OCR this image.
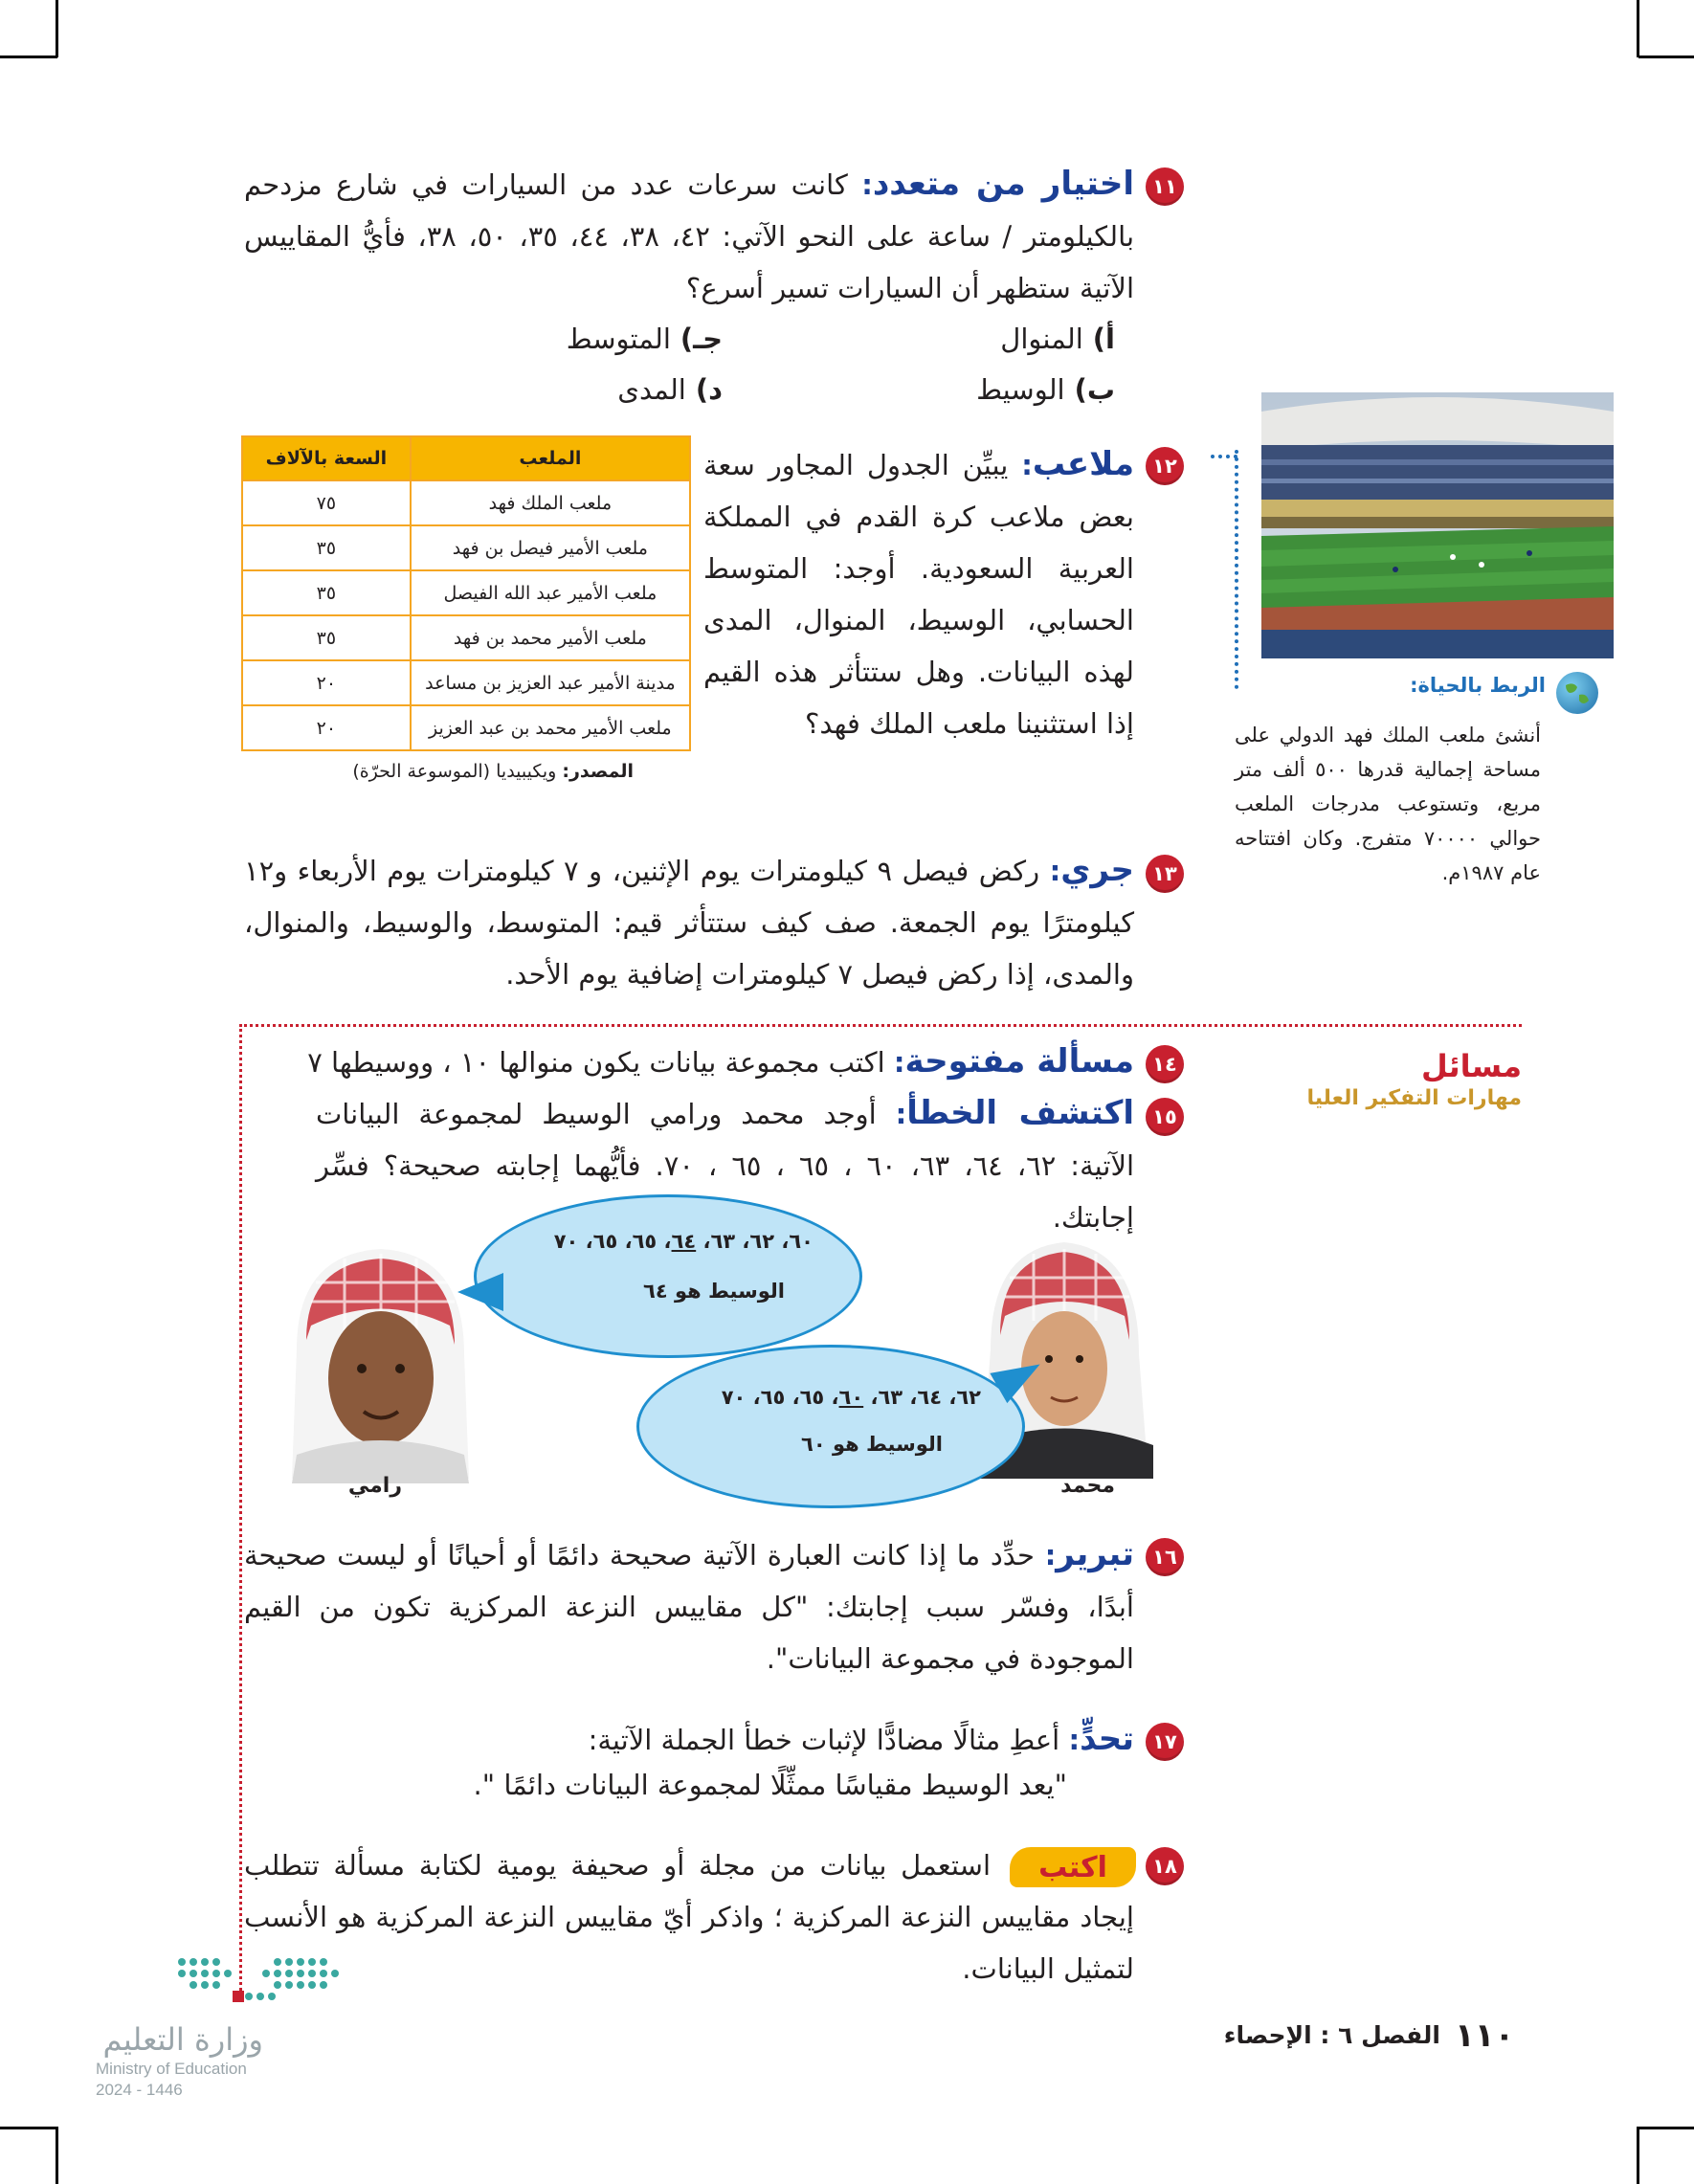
١١
اختيار من متعدد: كانت سرعات عدد من السيارات في شارع مزدحم بالكيلومتر / ساعة على النحو الآتي: ٤٢، ٣٨، ٤٤، ٣٥، ٥٠، ٣٨، فأيُّ المقاييس الآتية ستظهر أن السيارات تسير أسرع؟
أ)المنوال
جـ)المتوسط
ب)الوسيط
د)المدى
الربط بالحياة:
أنشئ ملعب الملك فهد الدولي على مساحة إجمالية قدرها ٥٠٠ ألف متر مربع، وتستوعب مدرجات الملعب حوالي ٧٠٠٠٠ متفرج. وكان افتتاحه عام ١٩٨٧م.
١٢
ملاعب: يبيِّن الجدول المجاور سعة بعض ملاعب كرة القدم في المملكة العربية السعودية. أوجد: المتوسط الحسابي، الوسيط، المنوال، المدى لهذه البيانات. وهل ستتأثر هذه القيم إذا استثنينا ملعب الملك فهد؟
الملعب	السعة بالآلاف
ملعب الملك فهد	٧٥
ملعب الأمير فيصل بن فهد	٣٥
ملعب الأمير عبد الله الفيصل	٣٥
ملعب الأمير محمد بن فهد	٣٥
مدينة الأمير عبد العزيز بن مساعد	٢٠
ملعب الأمير محمد بن عبد العزيز	٢٠
المصدر: ويكيبيديا (الموسوعة الحرّة)
١٣
جري: ركض فيصل ٩ كيلومترات يوم الإثنين، و ٧ كيلومترات يوم الأربعاء و١٢ كيلومترًا يوم الجمعة. صف كيف ستتأثر قيم: المتوسط، والوسيط، والمنوال، والمدى، إذا ركض فيصل ٧ كيلومترات إضافية يوم الأحد.
مسائل
مهارات التفكير العليا
١٤
مسألة مفتوحة: اكتب مجموعة بيانات يكون منوالها ١٠ ، ووسيطها ٧
١٥
اكتشف الخطأ: أوجد محمد ورامي الوسيط لمجموعة البيانات الآتية: ٦٢، ٦٤، ٦٣، ٦٠ ، ٦٥ ، ٦٥ ، ٧٠. فأيُّهما إجابته صحيحة؟ فسِّر إجابتك.
رامي
٦٠، ٦٢، ٦٣، ٦٤، ٦٥، ٦٥، ٧٠
الوسيط هو ٦٤
محمد
٦٢، ٦٤، ٦٣، ٦٠، ٦٥، ٦٥، ٧٠
الوسيط هو ٦٠
١٦
تبرير: حدِّد ما إذا كانت العبارة الآتية صحيحة دائمًا أو أحيانًا أو ليست صحيحة أبدًا، وفسّر سبب إجابتك: "كل مقاييس النزعة المركزية تكون من القيم الموجودة في مجموعة البيانات".
١٧
تحدٍّ: أعطِ مثالًا مضادًّا لإثبات خطأ الجملة الآتية:
"يعد الوسيط مقياسًا ممثِّلًا لمجموعة البيانات دائمًا ".
١٨
اكتب
استعمل بيانات من مجلة أو صحيفة يومية لكتابة مسألة تتطلب إيجاد مقاييس النزعة المركزية ؛ واذكر أيّ مقاييس النزعة المركزية هو الأنسب لتمثيل البيانات.
وزارة التعليم
Ministry of Education
2024 - 1446
١١٠
الفصل ٦ : الإحصاء
